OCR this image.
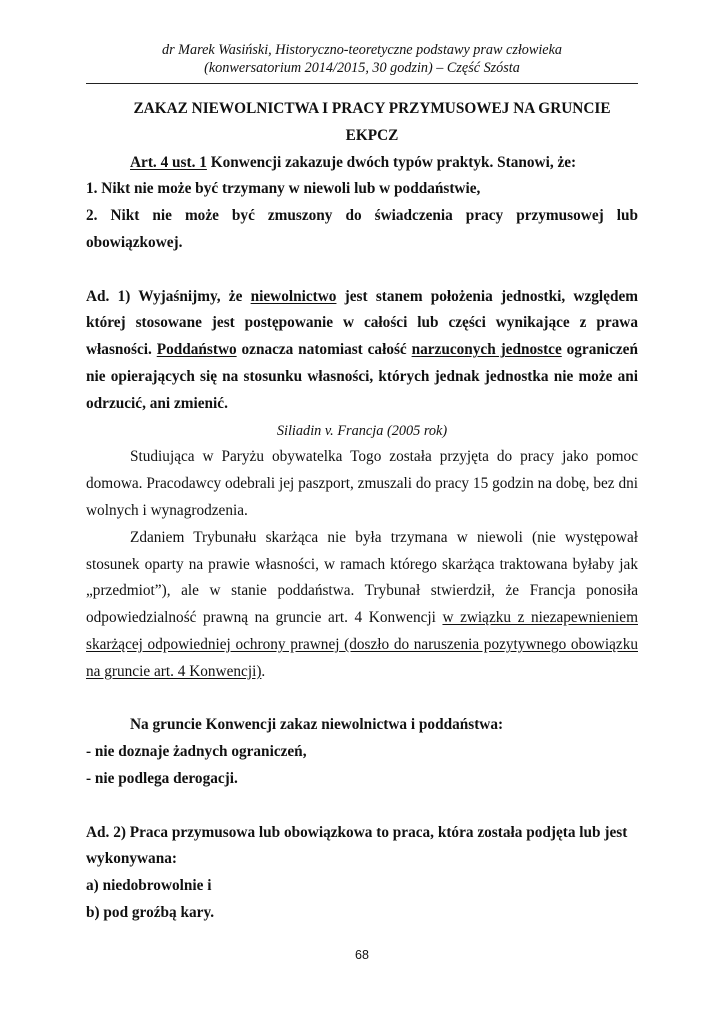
dr Marek Wasiński, Historyczno-teoretyczne podstawy praw człowieka
(konwersatorium 2014/2015, 30 godzin) – Część Szósta

ZAKAZ NIEWOLNICTWA I PRACY PRZYMUSOWEJ NA GRUNCIE EKPCZ

Art. 4 ust. 1 Konwencji zakazuje dwóch typów praktyk. Stanowi, że:

1. Nikt nie może być trzymany w niewoli lub w poddaństwie,

2. Nikt nie może być zmuszony do świadczenia pracy przymusowej lub obowiązkowej.

Ad. 1) Wyjaśnijmy, że niewolnictwo jest stanem położenia jednostki, względem której stosowane jest postępowanie w całości lub części wynikające z prawa własności. Poddaństwo oznacza natomiast całość narzuconych jednostce ograniczeń nie opierających się na stosunku własności, których jednak jednostka nie może ani odrzucić, ani zmienić.

Siliadin v. Francja (2005 rok)

Studiująca w Paryżu obywatelka Togo została przyjęta do pracy jako pomoc domowa. Pracodawcy odebrali jej paszport, zmuszali do pracy 15 godzin na dobę, bez dni wolnych i wynagrodzenia.

Zdaniem Trybunału skarżąca nie była trzymana w niewoli (nie występował stosunek oparty na prawie własności, w ramach którego skarżąca traktowana byłaby jak „przedmiot”), ale w stanie poddaństwa. Trybunał stwierdził, że Francja ponosiła odpowiedzialność prawną na gruncie art. 4 Konwencji w związku z niezapewnieniem skarżącej odpowiedniej ochrony prawnej (doszło do naruszenia pozytywnego obowiązku na gruncie art. 4 Konwencji).

Na gruncie Konwencji zakaz niewolnictwa i poddaństwa:

- nie doznaje żadnych ograniczeń,

- nie podlega derogacji.

Ad. 2) Praca przymusowa lub obowiązkowa to praca, która została podjęta lub jest wykonywana:

a) niedobrowolnie i

b) pod groźbą kary.

68
